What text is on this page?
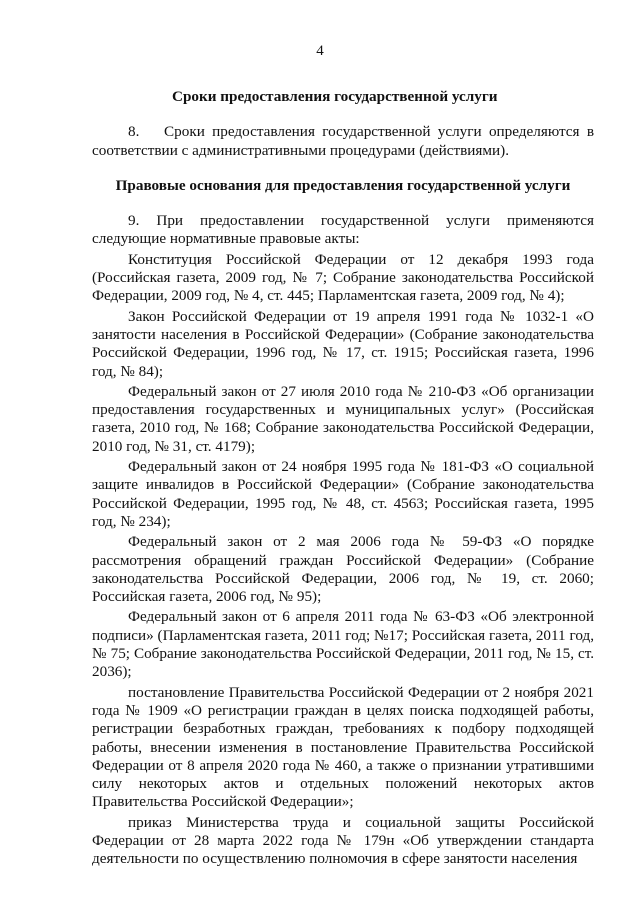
4
Сроки предоставления государственной услуги

8. Сроки предоставления государственной услуги определяются в соответствии с административными процедурами (действиями).

Правовые основания для предоставления государственной услуги

9. При предоставлении государственной услуги применяются следующие нормативные правовые акты:

Конституция Российской Федерации от 12 декабря 1993 года (Российская газета, 2009 год, № 7; Собрание законодательства Российской Федерации, 2009 год, № 4, ст. 445; Парламентская газета, 2009 год, № 4);

Закон Российской Федерации от 19 апреля 1991 года № 1032-1 «О занятости населения в Российской Федерации» (Собрание законодательства Российской Федерации, 1996 год, № 17, ст. 1915; Российская газета, 1996 год, № 84);

Федеральный закон от 27 июля 2010 года № 210-ФЗ «Об организации предоставления государственных и муниципальных услуг» (Российская газета, 2010 год, № 168; Собрание законодательства Российской Федерации, 2010 год, № 31, ст. 4179);

Федеральный закон от 24 ноября 1995 года № 181-ФЗ «О социальной защите инвалидов в Российской Федерации» (Собрание законодательства Российской Федерации, 1995 год, № 48, ст. 4563; Российская газета, 1995 год, № 234);

Федеральный закон от 2 мая 2006 года № 59-ФЗ «О порядке рассмотрения обращений граждан Российской Федерации» (Собрание законодательства Российской Федерации, 2006 год, № 19, ст. 2060; Российская газета, 2006 год, № 95);

Федеральный закон от 6 апреля 2011 года № 63-ФЗ «Об электронной подписи» (Парламентская газета, 2011 год; №17; Российская газета, 2011 год, № 75; Собрание законодательства Российской Федерации, 2011 год, № 15, ст. 2036);

постановление Правительства Российской Федерации от 2 ноября 2021 года № 1909 «О регистрации граждан в целях поиска подходящей работы, регистрации безработных граждан, требованиях к подбору подходящей работы, внесении изменения в постановление Правительства Российской Федерации от 8 апреля 2020 года № 460, а также о признании утратившими силу некоторых актов и отдельных положений некоторых актов Правительства Российской Федерации»;

приказ Министерства труда и социальной защиты Российской Федерации от 28 марта 2022 года № 179н «Об утверждении стандарта деятельности по осуществлению полномочия в сфере занятости населения
